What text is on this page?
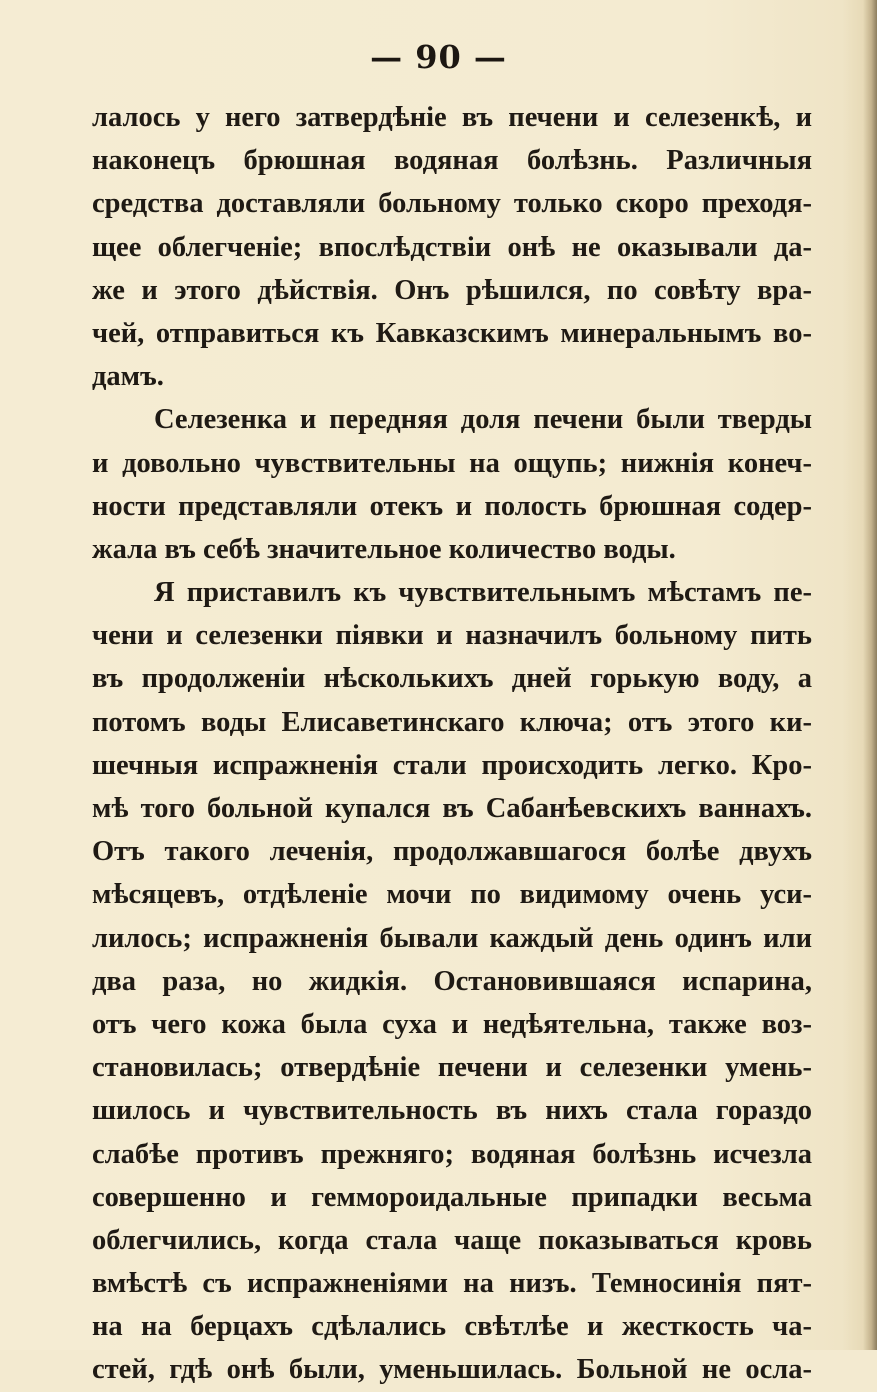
— 90 —
лалось у него затвердѣніе въ печени и селезенкѣ, и
наконецъ брюшная водяная болѣзнь. Различныя
средства доставляли больному только скоро преходя-
щее облегченіе; впослѣдствіи онѣ не оказывали да-
же и этого дѣйствія. Онъ рѣшился, по совѣту вра-
чей, отправиться къ Кавказскимъ минеральнымъ во-
дамъ.
Селезенка и передняя доля печени были тверды
и довольно чувствительны на ощупь; нижнія конеч-
ности представляли отекъ и полость брюшная содер-
жала въ себѣ значительное количество воды.
Я приставилъ къ чувствительнымъ мѣстамъ пе-
чени и селезенки піявки и назначилъ больному пить
въ продолженіи нѣсколькихъ дней горькую воду, а
потомъ воды Елисаветинскаго ключа; отъ этого ки-
шечныя испражненія стали происходить легко. Кро-
мѣ того больной купался въ Сабанѣевскихъ ваннахъ.
Отъ такого леченія, продолжавшагося болѣе двухъ
мѣсяцевъ, отдѣленіе мочи по видимому очень уси-
лилось; испражненія бывали каждый день одинъ или
два раза, но жидкія. Остановившаяся испарина,
отъ чего кожа была суха и недѣятельна, также воз-
становилась; отвердѣніе печени и селезенки умень-
шилось и чувствительность въ нихъ стала гораздо
слабѣе противъ прежняго; водяная болѣзнь исчезла
совершенно и геммороидальные припадки весьма
облегчились, когда стала чаще показываться кровь
вмѣстѣ съ испражненіями на низъ. Темносинія пят-
на на берцахъ сдѣлались свѣтлѣе и жесткость ча-
стей, гдѣ онѣ были, уменьшилась. Больной не осла-
